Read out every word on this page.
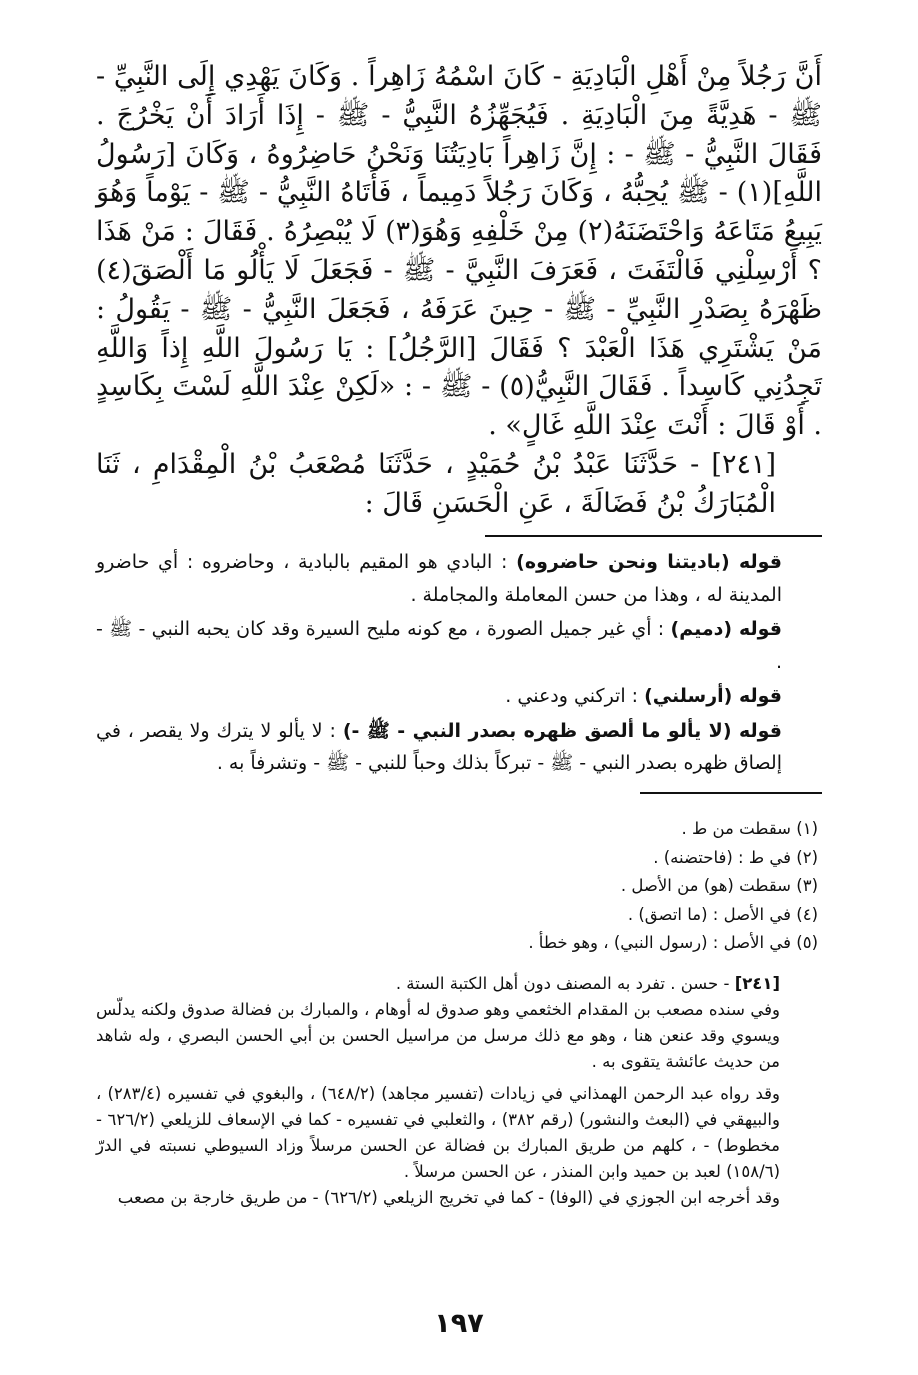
أَنَّ رَجُلاً مِنْ أَهْلِ الْبَادِيَةِ - كَانَ اسْمُهُ زَاهِراً . وَكَانَ يَهْدِي إِلَى النَّبِيِّ - ﷺ - هَدِيَّةً مِنَ الْبَادِيَةِ . فَيُجَهِّزُهُ النَّبِيُّ - ﷺ - إِذَا أَرَادَ أَنْ يَخْرُجَ . فَقَالَ النَّبِيُّ - ﷺ - : إِنَّ زَاهِراً بَادِيَتُنَا وَنَحْنُ حَاضِرُوهُ ، وَكَانَ [رَسُولُ اللَّهِ](١) - ﷺ يُحِبُّهُ ، وَكَانَ رَجُلاً دَمِيماً ، فَأَتَاهُ النَّبِيُّ - ﷺ - يَوْماً وَهُوَ يَبِيعُ مَتَاعَهُ وَاحْتَضَنَهُ(٢) مِنْ خَلْفِهِ وَهُوَ(٣) لَا يُبْصِرُهُ . فَقَالَ : مَنْ هَذَا ؟ أَرْسِلْنِي فَالْتَفَتَ ، فَعَرَفَ النَّبِيَّ - ﷺ - فَجَعَلَ لَا يَأْلُو مَا أَلْصَقَ(٤) ظَهْرَهُ بِصَدْرِ النَّبِيِّ - ﷺ - حِينَ عَرَفَهُ ، فَجَعَلَ النَّبِيُّ - ﷺ - يَقُولُ : مَنْ يَشْتَرِي هَذَا الْعَبْدَ ؟ فَقَالَ [الرَّجُلُ] : يَا رَسُولَ اللَّهِ إِذاً وَاللَّهِ تَجِدُنِي كَاسِداً . فَقَالَ النَّبِيُّ(٥) - ﷺ - : «لَكِنْ عِنْدَ اللَّهِ لَسْتَ بِكَاسِدٍ . أَوْ قَالَ : أَنْتَ عِنْدَ اللَّهِ غَالٍ» .

[٢٤١] - حَدَّثَنَا عَبْدُ بْنُ حُمَيْدٍ ، حَدَّثَنَا مُصْعَبُ بْنُ الْمِقْدَامِ ، ثَنَا الْمُبَارَكُ بْنُ فَضَالَةَ ، عَنِ الْحَسَنِ قَالَ :

قوله (باديتنا ونحن حاضروه) : البادي هو المقيم بالبادية ، وحاضروه : أي حاضرو المدينة له ، وهذا من حسن المعاملة والمجاملة .

قوله (دميم) : أي غير جميل الصورة ، مع كونه مليح السيرة وقد كان يحبه النبي - ﷺ - .

قوله (أرسلني) : اتركني ودعني .

قوله (لا يألو ما ألصق ظهره بصدر النبي - ﷺ -) : لا يألو لا يترك ولا يقصر ، في إلصاق ظهره بصدر النبي - ﷺ - تبركاً بذلك وحباً للنبي - ﷺ - وتشرفاً به .

(١) سقطت من ط .

(٢) في ط : (فاحتضنه) .

(٣) سقطت (هو) من الأصل .

(٤) في الأصل : (ما اتصق) .

(٥) في الأصل : (رسول النبي) ، وهو خطأ .

[٢٤١] - حسن . تفرد به المصنف دون أهل الكتبة الستة .

وفي سنده مصعب بن المقدام الخثعمي وهو صدوق له أوهام ، والمبارك بن فضالة صدوق ولكنه يدلّس ويسوي وقد عنعن هنا ، وهو مع ذلك مرسل من مراسيل الحسن بن أبي الحسن البصري ، وله شاهد من حديث عائشة يتقوى به .

وقد رواه عبد الرحمن الهمذاني في زيادات (تفسير مجاهد) (٦٤٨/٢) ، والبغوي في تفسيره (٢٨٣/٤) ، والبيهقي في (البعث والنشور) (رقم ٣٨٢) ، والثعلبي في تفسيره - كما في الإسعاف للزيلعي (٦٢٦/٢ - مخطوط) - ، كلهم من طريق المبارك بن فضالة عن الحسن مرسلاً وزاد السيوطي نسبته في الدرّ (١٥٨/٦) لعبد بن حميد وابن المنذر ، عن الحسن مرسلاً .

وقد أخرجه ابن الجوزي في (الوفا) - كما في تخريج الزيلعي (٦٢٦/٢) - من طريق خارجة بن مصعب

١٩٧
